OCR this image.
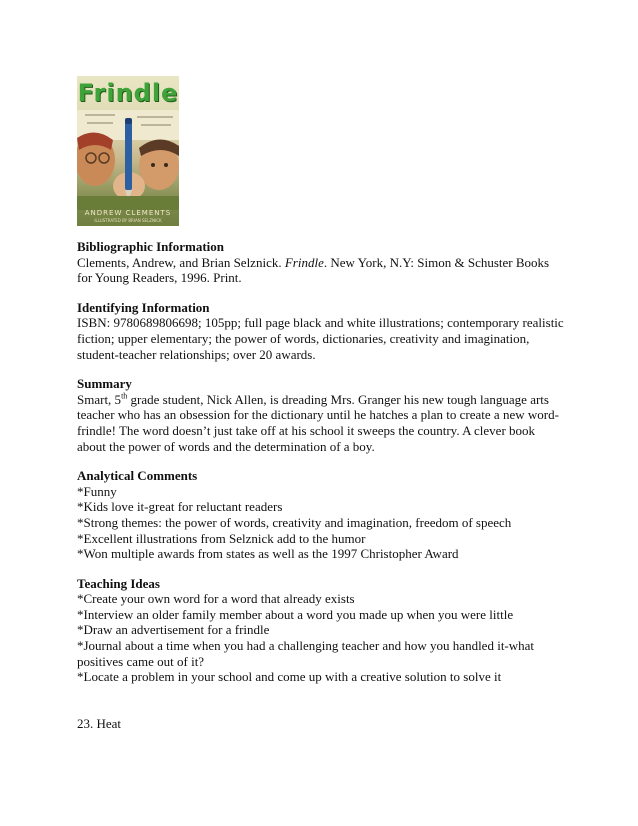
Frindle
ANDREW CLEMENTS
ILLUSTRATED BY BRIAN SELZNICK
Bibliographic Information
Clements, Andrew, and Brian Selznick. Frindle. New York, N.Y: Simon & Schuster Books for Young Readers, 1996. Print.
Identifying Information
ISBN: 9780689806698; 105pp; full page black and white illustrations; contemporary realistic fiction; upper elementary; the power of words, dictionaries, creativity and imagination, student-teacher relationships; over 20 awards.
Summary
Smart, 5th grade student, Nick Allen, is dreading Mrs. Granger his new tough language arts teacher who has an obsession for the dictionary until he hatches a plan to create a new word-frindle! The word doesn’t just take off at his school it sweeps the country. A clever book about the power of words and the determination of a boy.
Analytical Comments
*Funny
*Kids love it-great for reluctant readers
*Strong themes: the power of words, creativity and imagination, freedom of speech
*Excellent illustrations from Selznick add to the humor
*Won multiple awards from states as well as the 1997 Christopher Award
Teaching Ideas
*Create your own word for a word that already exists
*Interview an older family member about a word you made up when you were little
*Draw an advertisement for a frindle
*Journal about a time when you had a challenging teacher and how you handled it-what positives came out of it?
*Locate a problem in your school and come up with a creative solution to solve it
23. Heat
